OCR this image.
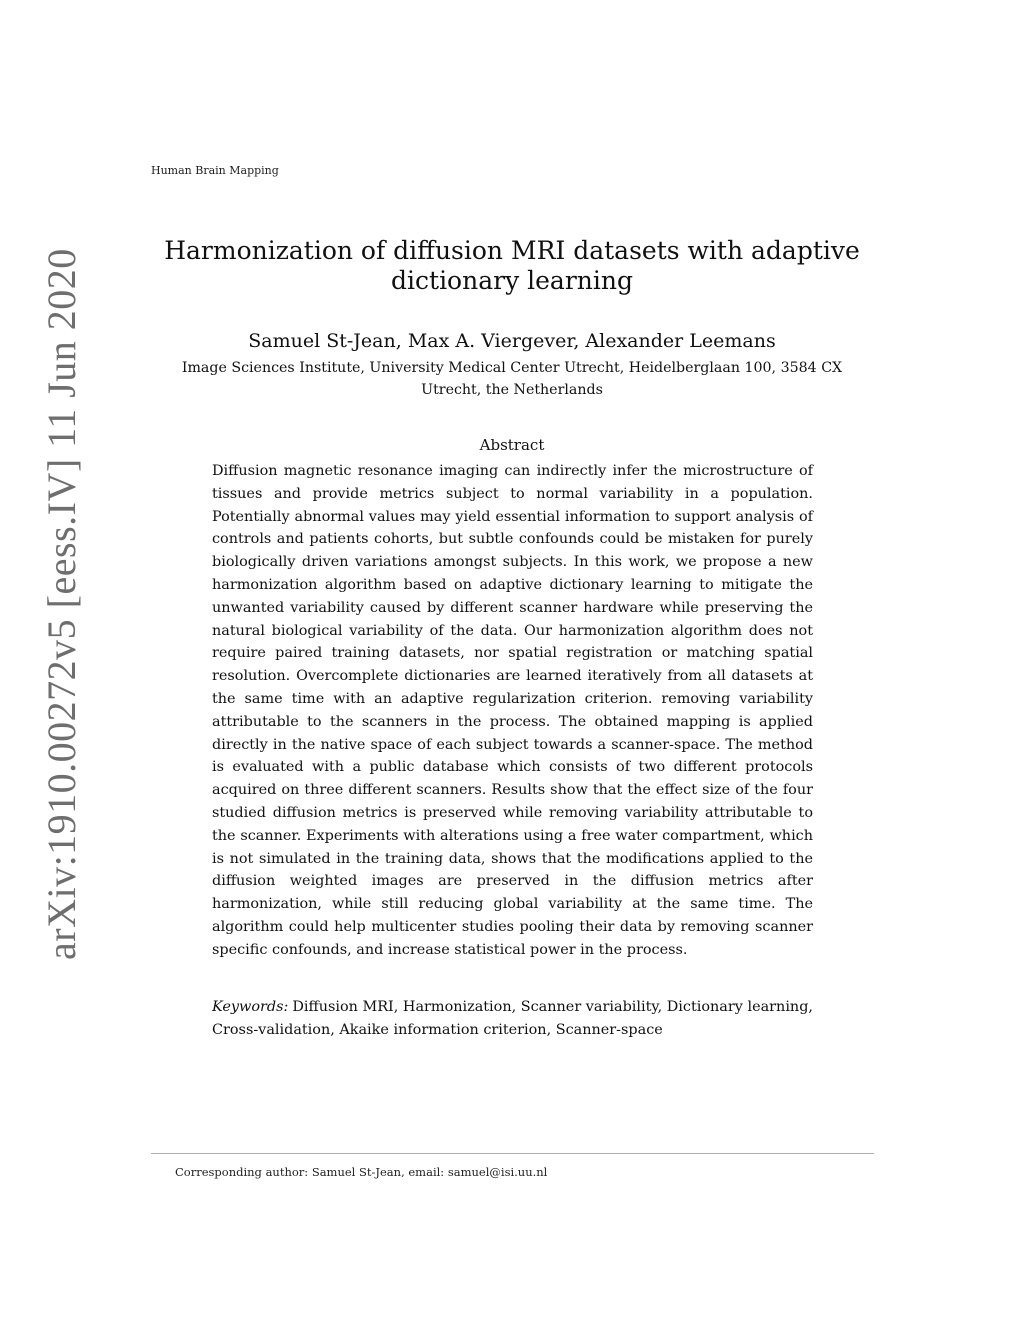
Human Brain Mapping
arXiv:1910.00272v5 [eess.IV] 11 Jun 2020	Harmonization of diffusion MRI datasets with adaptive
dictionary learning
Samuel St-Jean, Max A. Viergever, Alexander Leemans
Image Sciences Institute, University Medical Center Utrecht, Heidelberglaan 100, 3584 CX
Utrecht, the Netherlands
Abstract

Diffusion magnetic resonance imaging can indirectly infer the microstructure of tissues and provide metrics subject to normal variability in a population. Potentially abnormal values may yield essential information to support analysis of controls and patients cohorts, but subtle confounds could be mistaken for purely biologically driven variations amongst subjects. In this work, we propose a new harmonization algorithm based on adaptive dictionary learning to mitigate the unwanted variability caused by different scanner hardware while preserving the natural biological variability of the data. Our harmonization algorithm does not require paired training datasets, nor spatial registration or matching spatial resolution. Overcomplete dictionaries are learned iteratively from all datasets at the same time with an adaptive regularization criterion. removing variability attributable to the scanners in the process. The obtained mapping is applied directly in the native space of each subject towards a scanner-space. The method is evaluated with a public database which consists of two different protocols acquired on three different scanners. Results show that the effect size of the four studied diffusion metrics is preserved while removing variability attributable to the scanner. Experiments with alterations using a free water compartment, which is not simulated in the training data, shows that the modifications applied to the diffusion weighted images are preserved in the diffusion metrics after harmonization, while still reducing global variability at the same time. The algorithm could help multicenter studies pooling their data by removing scanner specific confounds, and increase statistical power in the process.

Keywords: Diffusion MRI, Harmonization, Scanner variability, Dictionary learning, Cross-validation, Akaike information criterion, Scanner-space

Corresponding author: Samuel St-Jean, email: samuel@isi.uu.nl
